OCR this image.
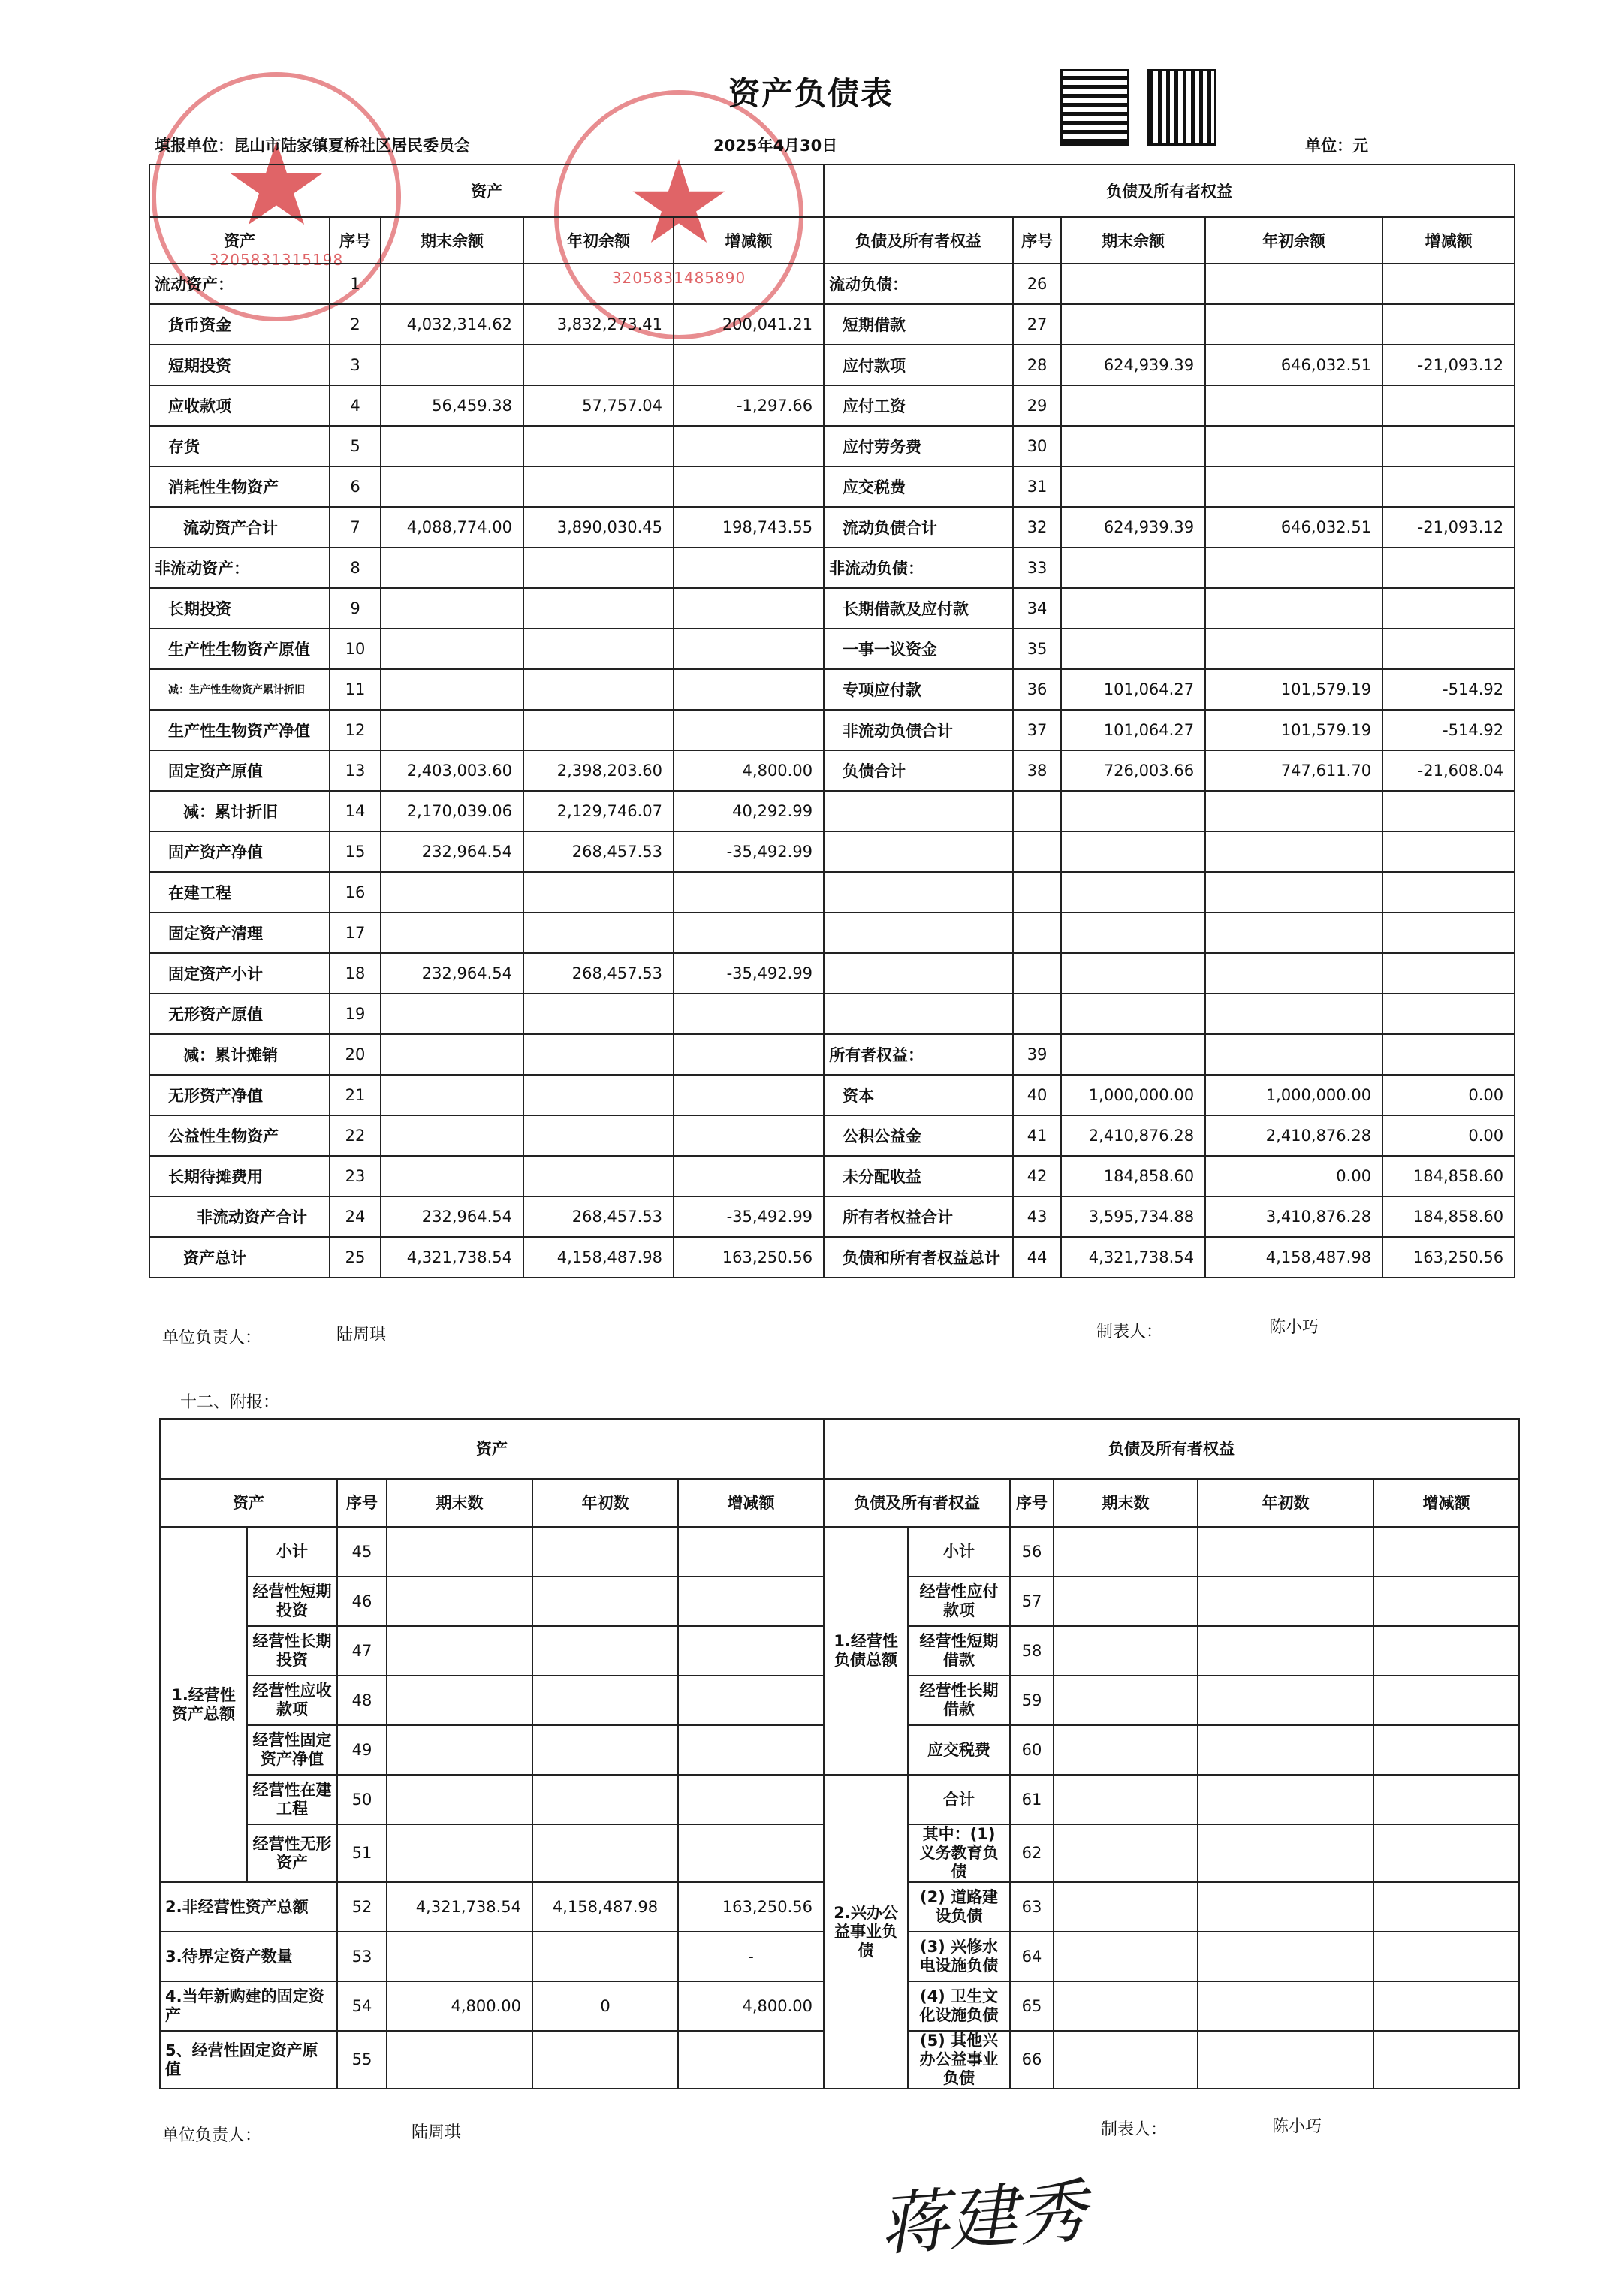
3205831315198
3205831485890
资产负债表
填报单位：昆山市陆家镇夏桥社区居民委员会	2025年4月30日	单位：元
资产					负债及所有者权益				
资产	序号	期末余额	年初余额	增减额	负债及所有者权益	序号	期末余额	年初余额	增减额
流动资产：	1				流动负债：	26			
货币资金	2	4,032,314.62	3,832,273.41	200,041.21	短期借款	27			
短期投资	3				应付款项	28	624,939.39	646,032.51	-21,093.12
应收款项	4	56,459.38	57,757.04	-1,297.66	应付工资	29			
存货	5				应付劳务费	30			
消耗性生物资产	6				应交税费	31			
流动资产合计	7	4,088,774.00	3,890,030.45	198,743.55	流动负债合计	32	624,939.39	646,032.51	-21,093.12
非流动资产：	8				非流动负债：	33			
长期投资	9				长期借款及应付款	34			
生产性生物资产原值	10				一事一议资金	35			
减：生产性生物资产累计折旧	11				专项应付款	36	101,064.27	101,579.19	-514.92
生产性生物资产净值	12				非流动负债合计	37	101,064.27	101,579.19	-514.92
固定资产原值	13	2,403,003.60	2,398,203.60	4,800.00	负债合计	38	726,003.66	747,611.70	-21,608.04
减：累计折旧	14	2,170,039.06	2,129,746.07	40,292.99					
固产资产净值	15	232,964.54	268,457.53	-35,492.99					
在建工程	16								
固定资产清理	17								
固定资产小计	18	232,964.54	268,457.53	-35,492.99					
无形资产原值	19								
减：累计摊销	20				所有者权益：	39			
无形资产净值	21				资本	40	1,000,000.00	1,000,000.00	0.00
公益性生物资产	22				公积公益金	41	2,410,876.28	2,410,876.28	0.00
长期待摊费用	23				未分配收益	42	184,858.60	0.00	184,858.60
非流动资产合计	24	232,964.54	268,457.53	-35,492.99	所有者权益合计	43	3,595,734.88	3,410,876.28	184,858.60
资产总计	25	4,321,738.54	4,158,487.98	163,250.56	负债和所有者权益总计	44	4,321,738.54	4,158,487.98	163,250.56
单位负责人：	陆周琪	制表人：	陈小巧
十二、附报：
资产						负债及所有者权益					
资产		序号	期末数	年初数	增减额	负债及所有者权益		序号	期末数	年初数	增减额
1.经营性资产总额	小计	45				1.经营性负债总额	小计	56			
	经营性短期投资	46					经营性应付款项	57			
	经营性长期投资	47					经营性短期借款	58			
	经营性应收款项	48					经营性长期借款	59			
	经营性固定资产净值	49					应交税费	60			
	经营性在建工程	50				2.兴办公益事业负债	合计	61			
	经营性无形资产	51					其中：(1) 义务教育负债	62			
2.非经营性资产总额		52	4,321,738.54	4,158,487.98	163,250.56		(2) 道路建设负债	63			
3.待界定资产数量		53			-		(3) 兴修水电设施负债	64			
4.当年新购建的固定资产		54	4,800.00	0	4,800.00		(4) 卫生文化设施负债	65			
5、经营性固定资产原值		55					(5) 其他兴办公益事业负债	66			
单位负责人：	陆周琪	制表人：	陈小巧
蒋建秀
